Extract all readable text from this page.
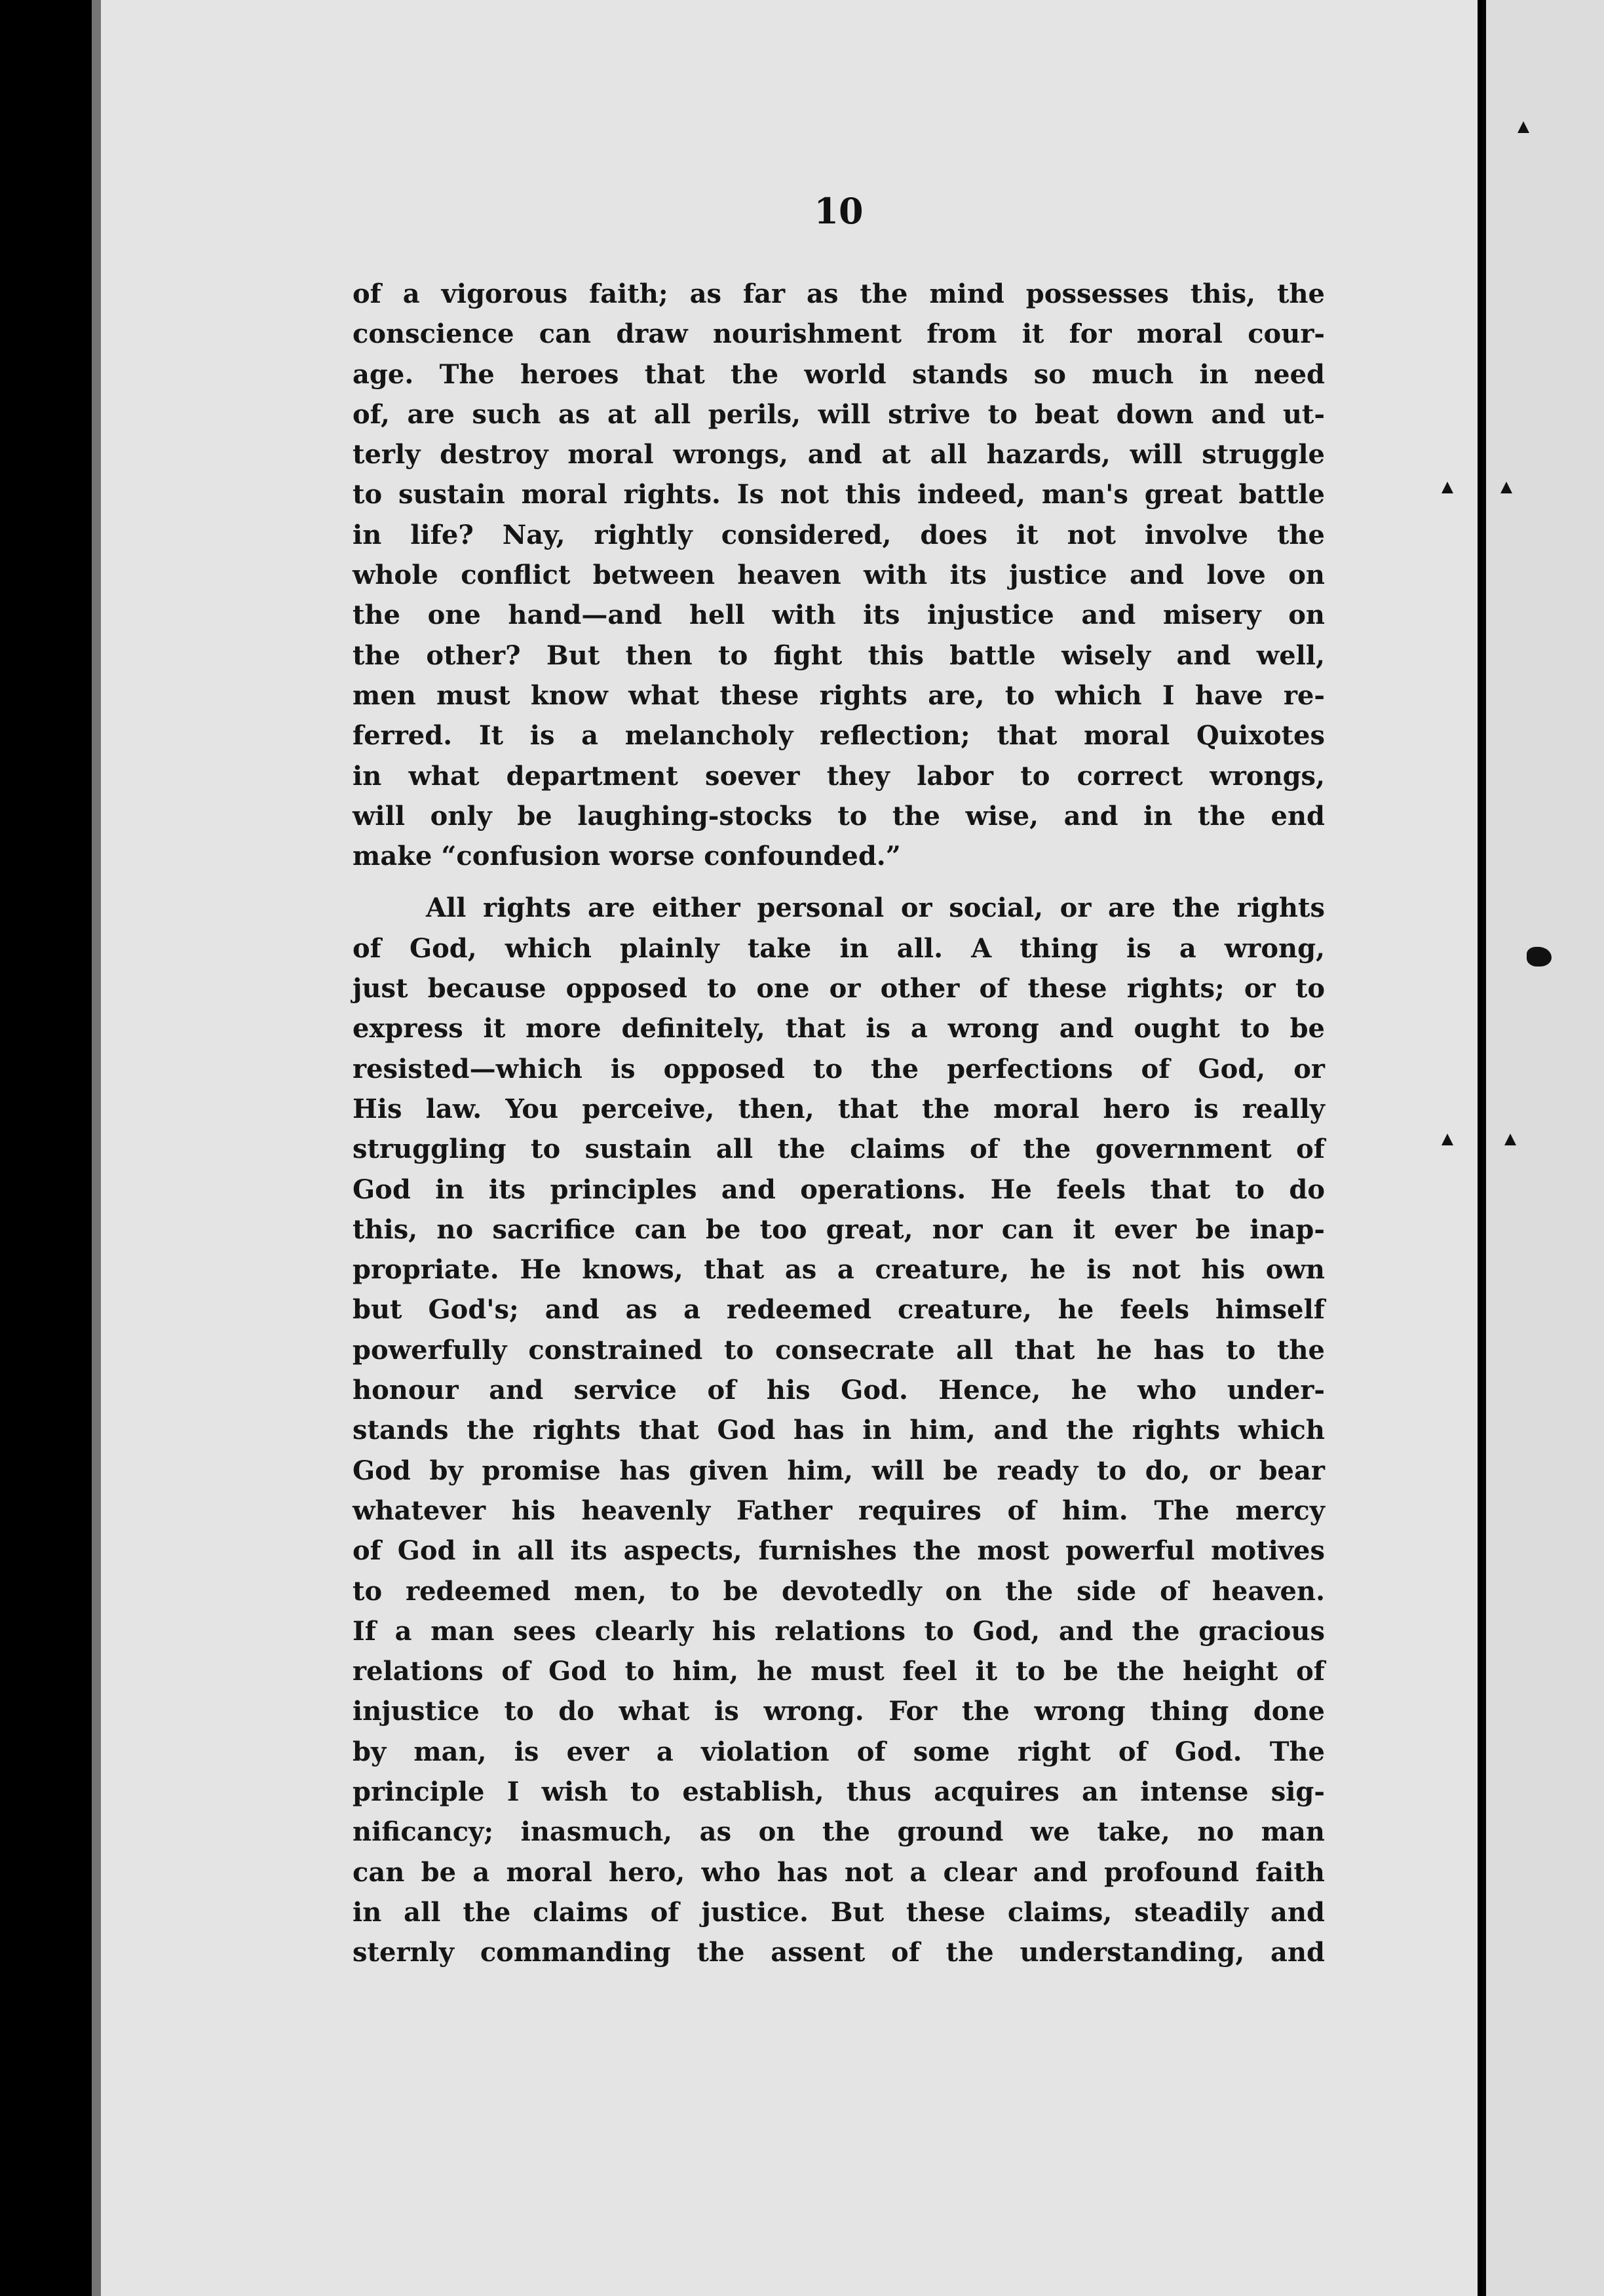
10
of a vigorous faith; as far as the mind possesses this, the
conscience can draw nourishment from it for moral cour-
age. The heroes that the world stands so much in need
of, are such as at all perils, will strive to beat down and ut-
terly destroy moral wrongs, and at all hazards, will struggle
to sustain moral rights. Is not this indeed, man's great battle
in life? Nay, rightly considered, does it not involve the
whole conflict between heaven with its justice and love on
the one hand—and hell with its injustice and misery on
the other? But then to fight this battle wisely and well,
men must know what these rights are, to which I have re-
ferred. It is a melancholy reflection; that moral Quixotes
in what department soever they labor to correct wrongs,
will only be laughing-stocks to the wise, and in the end
make “confusion worse confounded.”
All rights are either personal or social, or are the rights
of God, which plainly take in all. A thing is a wrong,
just because opposed to one or other of these rights; or to
express it more definitely, that is a wrong and ought to be
resisted—which is opposed to the perfections of God, or
His law. You perceive, then, that the moral hero is really
struggling to sustain all the claims of the government of
God in its principles and operations. He feels that to do
this, no sacrifice can be too great, nor can it ever be inap-
propriate. He knows, that as a creature, he is not his own
but God's; and as a redeemed creature, he feels himself
powerfully constrained to consecrate all that he has to the
honour and service of his God. Hence, he who under-
stands the rights that God has in him, and the rights which
God by promise has given him, will be ready to do, or bear
whatever his heavenly Father requires of him. The mercy
of God in all its aspects, furnishes the most powerful motives
to redeemed men, to be devotedly on the side of heaven.
If a man sees clearly his relations to God, and the gracious
relations of God to him, he must feel it to be the height of
injustice to do what is wrong. For the wrong thing done
by man, is ever a violation of some right of God. The
principle I wish to establish, thus acquires an intense sig-
nificancy; inasmuch, as on the ground we take, no man
can be a moral hero, who has not a clear and profound faith
in all the claims of justice. But these claims, steadily and
sternly commanding the assent of the understanding, and
